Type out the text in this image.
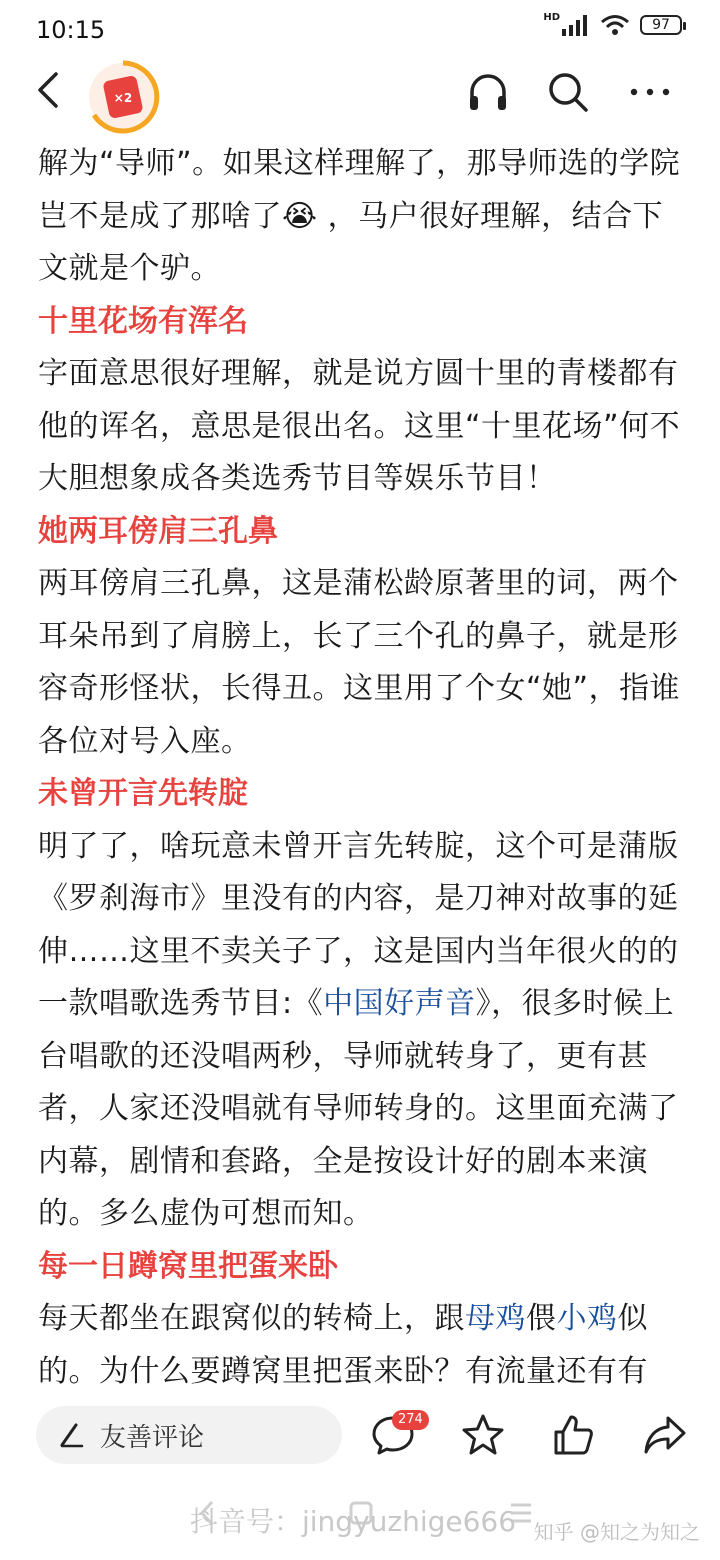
10:15	HD	97
×2

解为“导师”。如果这样理解了，那导师选的学院岂不是成了那啥了😭 ，马户很好理解，结合下文就是个驴。

十里花场有浑名

字面意思很好理解，就是说方圆十里的青楼都有他的诨名，意思是很出名。这里“十里花场”何不大胆想象成各类选秀节目等娱乐节目！

她两耳傍肩三孔鼻

两耳傍肩三孔鼻，这是蒲松龄原著里的词，两个耳朵吊到了肩膀上，长了三个孔的鼻子，就是形容奇形怪状，长得丑。这里用了个女“她”，指谁各位对号入座。

未曾开言先转腚

明了了，啥玩意未曾开言先转腚，这个可是蒲版《罗刹海市》里没有的内容，是刀神对故事的延伸……这里不卖关子了，这是国内当年很火的的一款唱歌选秀节目:《中国好声音》，很多时候上台唱歌的还没唱两秒，导师就转身了，更有甚者，人家还没唱就有导师转身的。这里面充满了内幕，剧情和套路，全是按设计好的剧本来演的。多么虚伪可想而知。

每一日蹲窝里把蛋来卧

每天都坐在跟窝似的转椅上，跟母鸡偎小鸡似的。为什么要蹲窝里把蛋来卧？有流量还有有

友善评论
274
抖音号：jingyuzhige666 知乎 @知之为知之
